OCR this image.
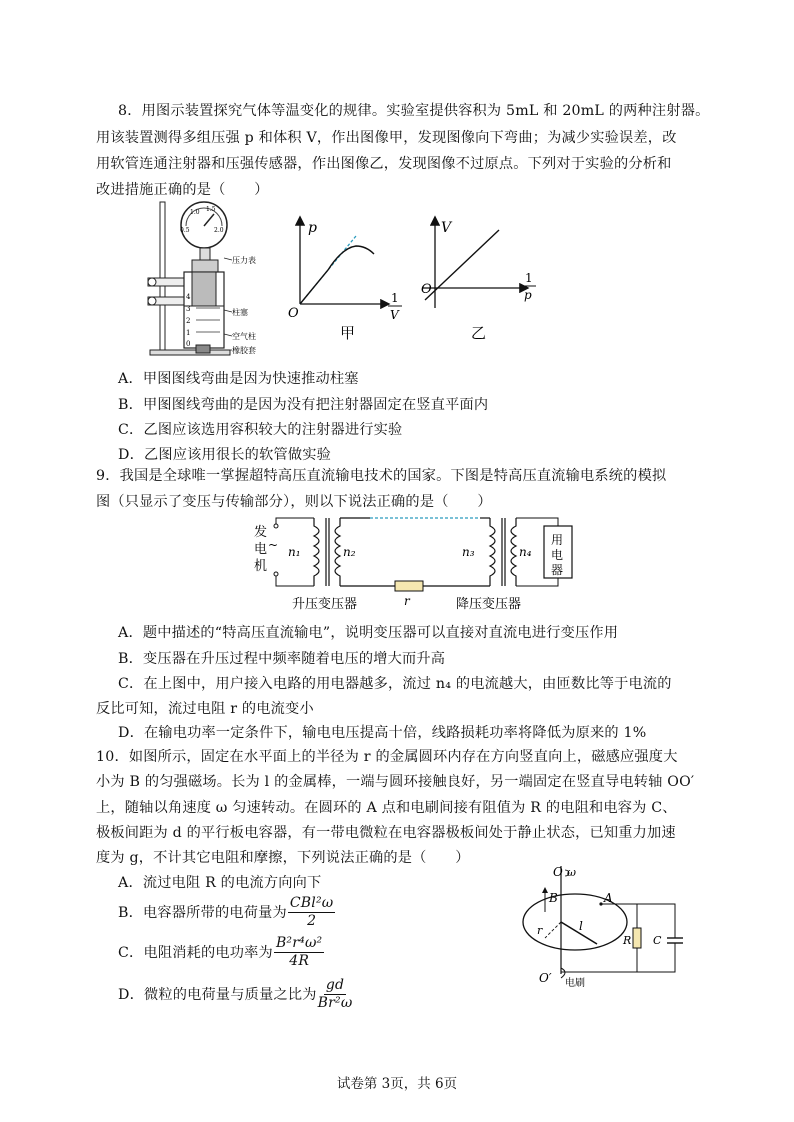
8．用图示装置探究气体等温变化的规律。实验室提供容积为 5mL 和 20mL 的两种注射器。
用该装置测得多组压强 p 和体积 V，作出图像甲，发现图像向下弯曲；为减少实验误差，改
用软管连通注射器和压强传感器，作出图像乙，发现图像不过原点。下列对于实验的分析和
改进措施正确的是（　　）
0.5
1.0 1.5
2.0
4
3
2
1
0
压力表
柱塞
空气柱
橡胶套
p
O
1
V
甲
V
O
1
p
乙
A．甲图图线弯曲是因为快速推动柱塞
B．甲图图线弯曲的是因为没有把注射器固定在竖直平面内
C．乙图应该选用容积较大的注射器进行实验
D．乙图应该用很长的软管做实验
9．我国是全球唯一掌握超特高压直流输电技术的国家。下图是特高压直流输电系统的模拟
图（只显示了变压与传输部分），则以下说法正确的是（　　）
发
电
机
~ n₁	n₂
r
n₃	n₄
用
电
器
升压变压器	降压变压器
A．题中描述的“特高压直流输电”，说明变压器可以直接对直流电进行变压作用
B．变压器在升压过程中频率随着电压的增大而升高
C．在上图中，用户接入电路的用电器越多，流过 n₄ 的电流越大，由匝数比等于电流的
反比可知，流过电阻 r 的电流变小
D．在输电功率一定条件下，输电电压提高十倍，线路损耗功率将降低为原来的 1%
10．如图所示，固定在水平面上的半径为 r 的金属圆环内存在方向竖直向上，磁感应强度大
小为 B 的匀强磁场。长为 l 的金属棒，一端与圆环接触良好，另一端固定在竖直导电转轴 OO′
上，随轴以角速度 ω 匀速转动。在圆环的 A 点和电刷间接有阻值为 R 的电阻和电容为 C、
极板间距为 d 的平行板电容器，有一带电微粒在电容器极板间处于静止状态，已知重力加速
度为 g，不计其它电阻和摩擦，下列说法正确的是（　　）
A．流过电阻 R 的电流方向向下
B．电容器所带的电荷量为 $\frac{\text{CBl²ω}}{2}$
C．电阻消耗的电功率为 $\frac{\text{B²r⁴ω²}}{4R}$
D．微粒的电荷量与质量之比为 $\frac{gd}{\text{Br²ω}}$
O ω
B
r	l
A
R C
O′ 电刷
试卷第 3页，共 6页
